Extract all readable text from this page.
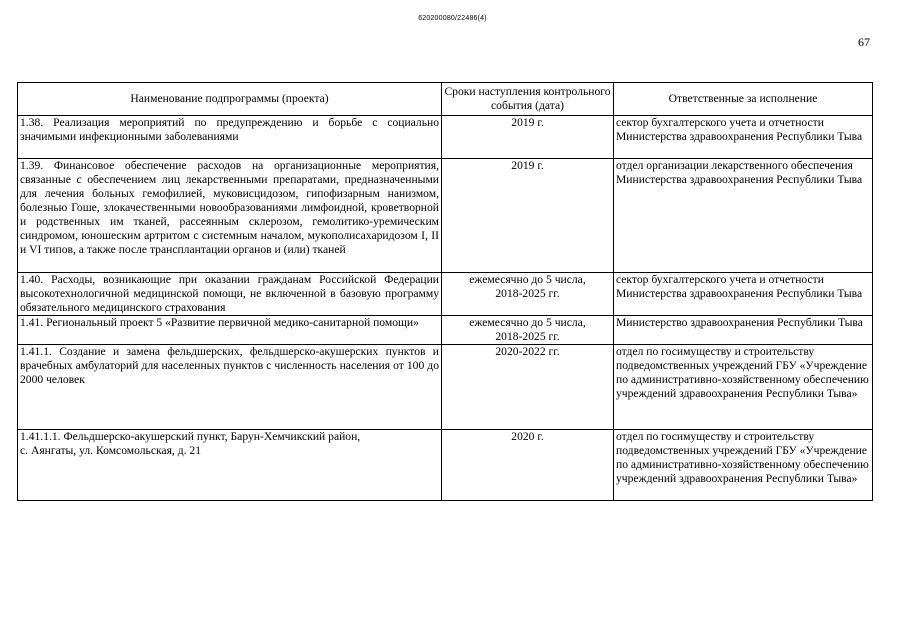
620200080/22486(4)
67
Наименование подпрограммы (проекта)	Сроки наступления контрольного события (дата)	Ответственные за исполнение
1.38. Реализация мероприятий по предупреждению и борьбе с социально значимыми инфекционными заболеваниями	2019 г.	сектор бухгалтерского учета и отчетности
Министерства здравоохранения Республики Тыва
1.39. Финансовое обеспечение расходов на организационные мероприятия, связанные с обеспечением лиц лекарственными препаратами, предназначенными для лечения больных гемофилией, муковисцидозом, гипофизарным нанизмом, болезнью Гоше, злокачественными новообразованиями лимфоидной, кроветворной и родственных им тканей, рассеянным склерозом, гемолитико-уремическим синдромом, юношеским артритом с системным началом, мукополисахаридозом I, II и VI типов, а также после трансплантации органов и (или) тканей	2019 г.	отдел организации лекарственного обеспечения
Министерства здравоохранения Республики Тыва
1.40. Расходы, возникающие при оказании гражданам Российской Федерации высокотехнологичной медицинской помощи, не включенной в базовую программу обязательного медицинского страхования	ежемесячно до 5 числа,
2018-2025 гг.	сектор бухгалтерского учета и отчетности
Министерства здравоохранения Республики Тыва
1.41. Региональный проект 5 «Развитие первичной медико-санитарной помощи»	ежемесячно до 5 числа,
2018-2025 гг.	Министерство здравоохранения Республики Тыва
1.41.1. Создание и замена фельдшерских, фельдшерско-акушерских пунктов и врачебных амбулаторий для населенных пунктов с численность населения от 100 до 2000 человек	2020-2022 гг.	отдел по госимуществу и строительству подведомственных учреждений ГБУ «Учреждение по административно-хозяйственному обеспечению учреждений здравоохранения Республики Тыва»
1.41.1.1. Фельдшерско-акушерский пункт, Барун-Хемчикский район,
с. Аянгаты, ул. Комсомольская, д. 21	2020 г.	отдел по госимуществу и строительству подведомственных учреждений ГБУ «Учреждение по административно-хозяйственному обеспечению учреждений здравоохранения Республики Тыва»
